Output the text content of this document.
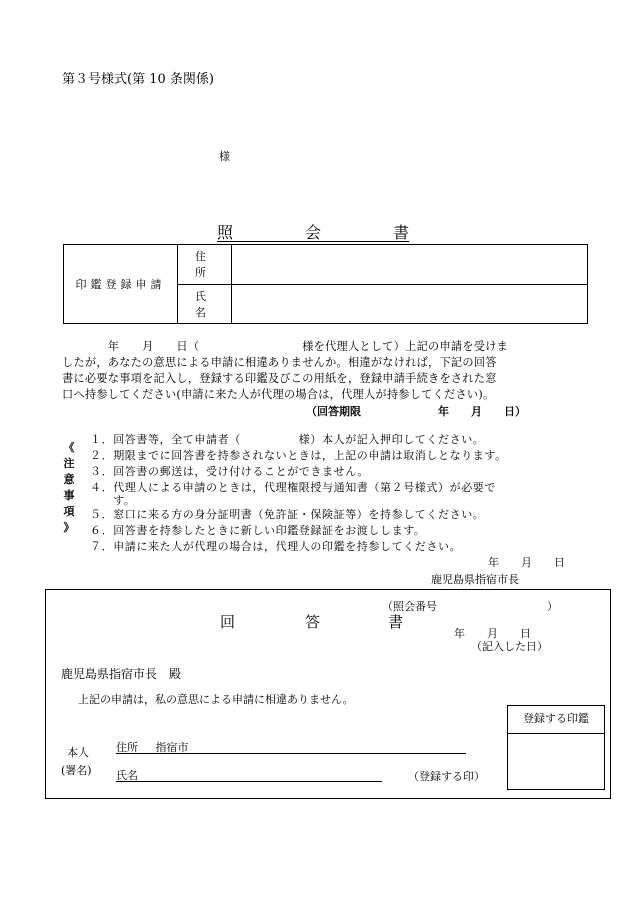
第３号様式(第 10 条関係)
様
照	会	書
印鑑登録申請	住　所	
	氏　名	
　　　　年　　月　　日（　　　　　　　　　様を代理人として）上記の申請を受けま
したが，あなたの意思による申請に相違ありませんか。相違がなければ，下記の回答
書に必要な事項を記入し，登録する印鑑及びこの用紙を，登録申請手続きをされた窓
口へ持参してください(申請に来た人が代理の場合は，代理人が持参してください)。
（回答期限　　　　　　　年　　月　　日）
《
注
意
事
項
》
１．回答書等，全て申請者（　　　　　様）本人が記入押印してください。
２．期限までに回答書を持参されないときは，上記の申請は取消しとなります。
３．回答書の郵送は，受け付けることができません。
４．代理人による申請のときは，代理権限授与通知書（第２号様式）が必要で
　　す。
５．窓口に来る方の身分証明書（免許証・保険証等）を持参してください。
６．回答書を持参したときに新しい印鑑登録証をお渡しします。
７．申請に来た人が代理の場合は，代理人の印鑑を持参してください。
年　　月　　日
鹿児島県指宿市長
回	答	書
（照会番号　　　　　　　　　　）
年　　月　　日
（記入した日）
鹿児島県指宿市長　殿
上記の申請は，私の意思による申請に相違ありません。
本人
(署名)
住所 指宿市
氏名	（登録する印）
登録する印鑑
